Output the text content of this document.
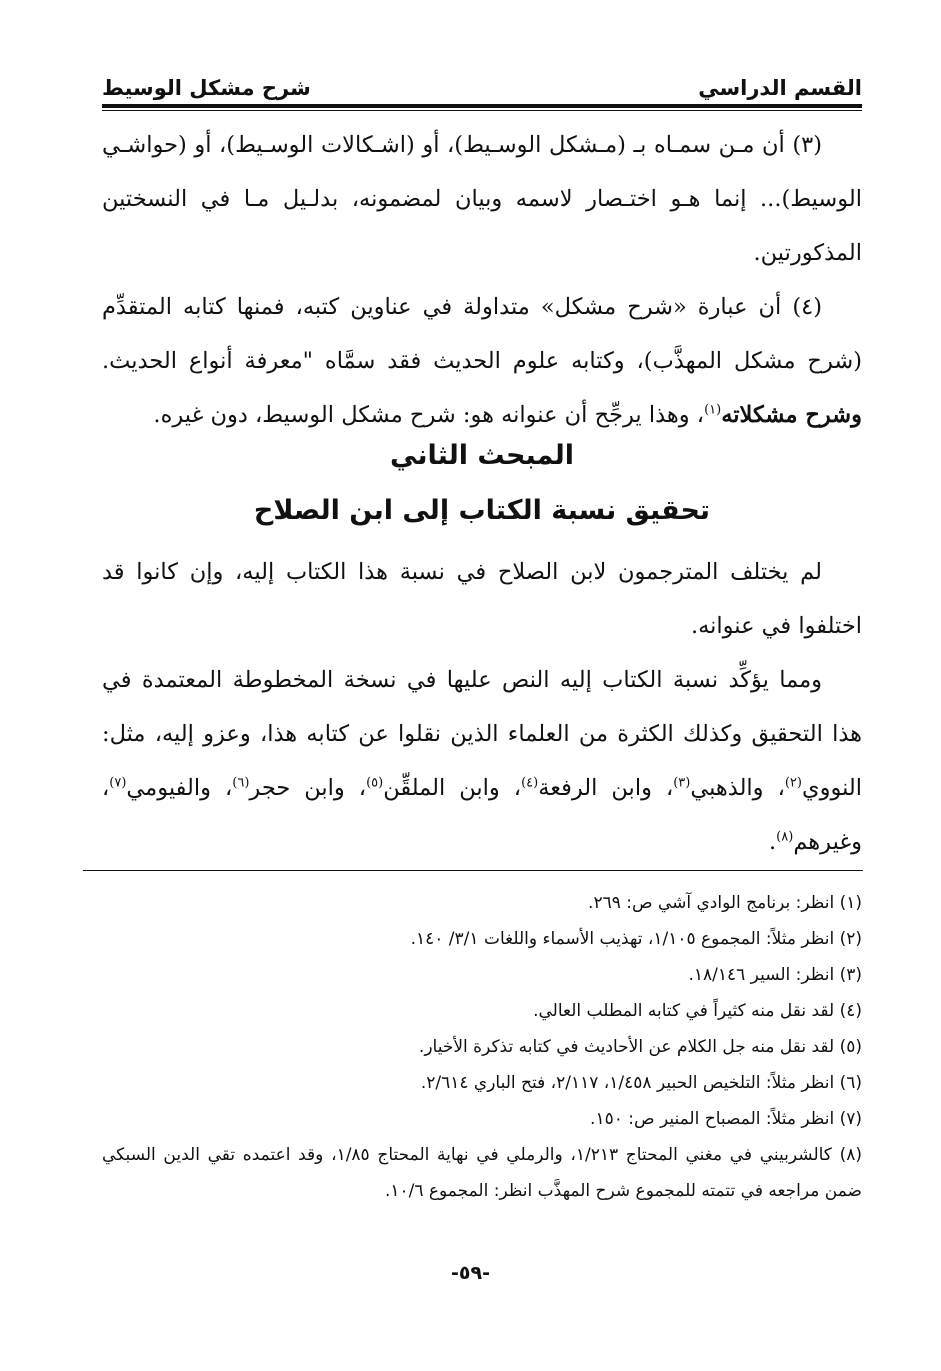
القسم الدراسي
شرح مشكل الوسيط

(٣) أن مـن سمـاه بـ (مـشكل الوسـيط)، أو (اشـكالات الوسـيط)، أو (حواشـي الوسيط)... إنما هـو اختـصار لاسمه وبيان لمضمونه، بدلـيل مـا في النسختين المذكورتين.

(٤) أن عبارة «شرح مشكل» متداولة في عناوين كتبه، فمنها كتابه المتقدِّم (شرح مشكل المهذَّب)، وكتابه علوم الحديث فقد سمَّاه "معرفة أنواع الحديث. وشرح مشكلاته$^{(١)}$، وهذا يرجِّح أن عنوانه هو: شرح مشكل الوسيط، دون غيره.

المبحث الثاني
تحقيق نسبة الكتاب إلى ابن الصلاح

لم يختلف المترجمون لابن الصلاح في نسبة هذا الكتاب إليه، وإن كانوا قد اختلفوا في عنوانه.

ومما يؤكِّد نسبة الكتاب إليه النص عليها في نسخة المخطوطة المعتمدة في هذا التحقيق وكذلك الكثرة من العلماء الذين نقلوا عن كتابه هذا، وعزو إليه، مثل: النووي$^{(٢)}$، والذهبي$^{(٣)}$، وابن الرفعة$^{(٤)}$، وابن الملقِّن$^{(٥)}$، وابن حجر$^{(٦)}$، والفيومي$^{(٧)}$، وغيرهم$^{(٨)}$.

(١) انظر: برنامج الوادي آشي ص: ٢٦٩.

(٢) انظر مثلاً: المجموع ١/١٠٥، تهذيب الأسماء واللغات ٣/١/ ١٤٠.

(٣) انظر: السير ١٨/١٤٦.

(٤) لقد نقل منه كثيراً في كتابه المطلب العالي.

(٥) لقد نقل منه جل الكلام عن الأحاديث في كتابه تذكرة الأخيار.

(٦) انظر مثلاً: التلخيص الحبير ١/٤٥٨، ٢/١١٧، فتح الباري ٢/٦١٤.

(٧) انظر مثلاً: المصباح المنير ص: ١٥٠.

(٨) كالشربيني في مغني المحتاج ١/٢١٣، والرملي في نهاية المحتاج ١/٨٥، وقد اعتمده تقي الدين السبكي ضمن مراجعه في تتمته للمجموع شرح المهذَّب انظر: المجموع ١٠/٦.

-٥٩-
